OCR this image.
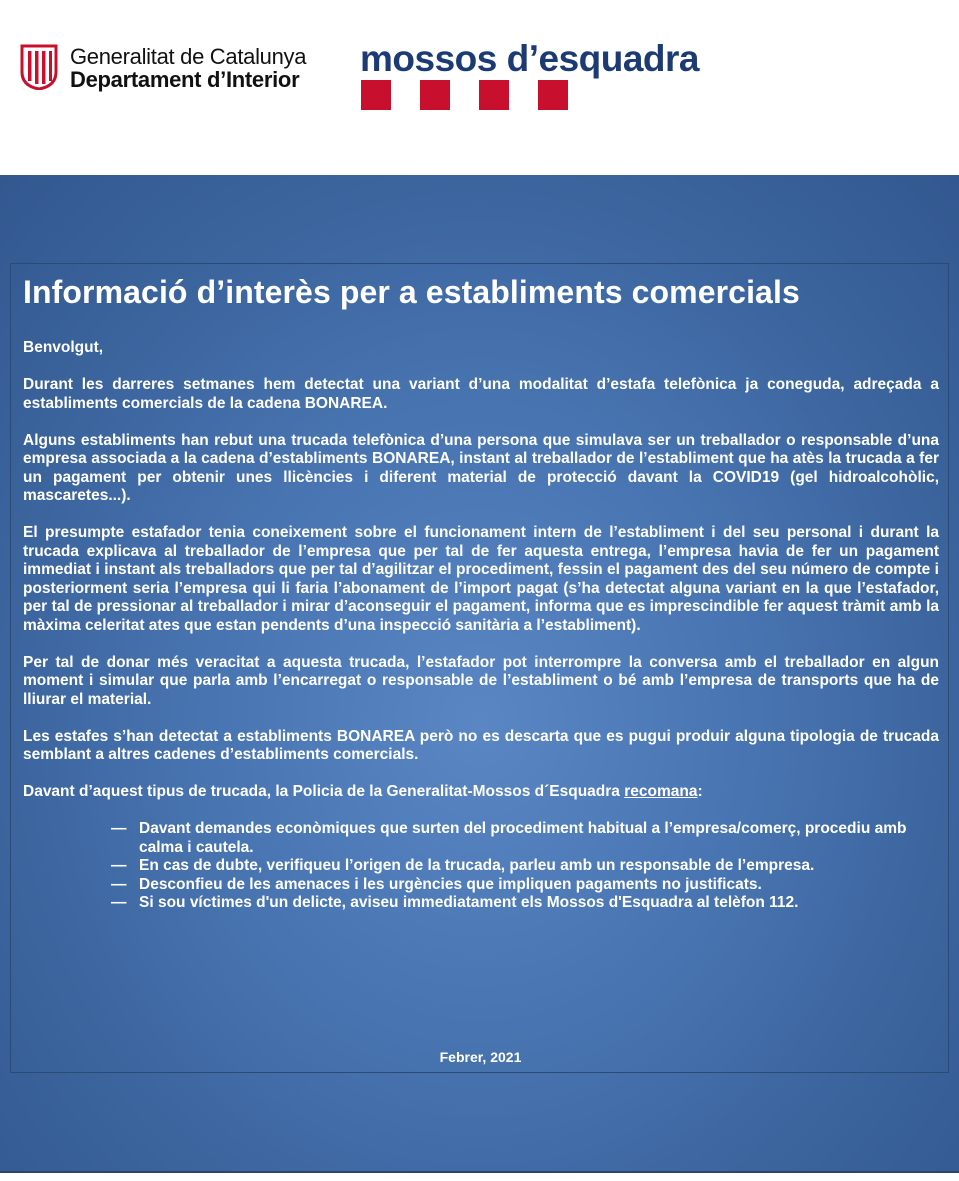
Generalitat de Catalunya
Departament d’Interior
mossos d’esquadra
Informació d’interès per a establiments comercials

Benvolgut,

Durant les darreres setmanes hem detectat una variant d’una modalitat d’estafa telefònica ja coneguda, adreçada a establiments comercials de la cadena BONAREA.

Alguns establiments han rebut una trucada telefònica d’una persona que simulava ser un treballador o responsable d’una empresa associada a la cadena d’establiments BONAREA, instant al treballador de l’establiment que ha atès la trucada a fer un pagament per obtenir unes llicències i diferent material de protecció davant la COVID19 (gel hidroalcohòlic, mascaretes...).

El presumpte estafador tenia coneixement sobre el funcionament intern de l’establiment i del seu personal i durant la trucada explicava al treballador de l’empresa que per tal de fer aquesta entrega, l’empresa havia de fer un pagament immediat i instant als treballadors que per tal d’agilitzar el procediment, fessin el pagament des del seu número de compte i posteriorment seria l’empresa qui li faria l’abonament de l’import pagat (s’ha detectat alguna variant en la que l’estafador, per tal de pressionar al treballador i mirar d’aconseguir el pagament, informa que es imprescindible fer aquest tràmit amb la màxima celeritat ates que estan pendents d’una inspecció sanitària a l’establiment).

Per tal de donar més veracitat a aquesta trucada, l’estafador pot interrompre la conversa amb el treballador en algun moment i simular que parla amb l’encarregat o responsable de l’establiment o bé amb l’empresa de transports que ha de lliurar el material.

Les estafes s’han detectat a establiments BONAREA però no es descarta que es pugui produir alguna tipologia de trucada semblant a altres cadenes d’establiments comercials.

Davant d’aquest tipus de trucada, la Policia de la Generalitat-Mossos d´Esquadra recomana:

— Davant demandes econòmiques que surten del procediment habitual a l’empresa/comerç, procediu amb calma i cautela.
— En cas de dubte, verifiqueu l’origen de la trucada, parleu amb un responsable de l’empresa.
— Desconfieu de les amenaces i les urgències que impliquen pagaments no justificats.
— Si sou víctimes d'un delicte, aviseu immediatament els Mossos d'Esquadra al telèfon 112.
Febrer, 2021
